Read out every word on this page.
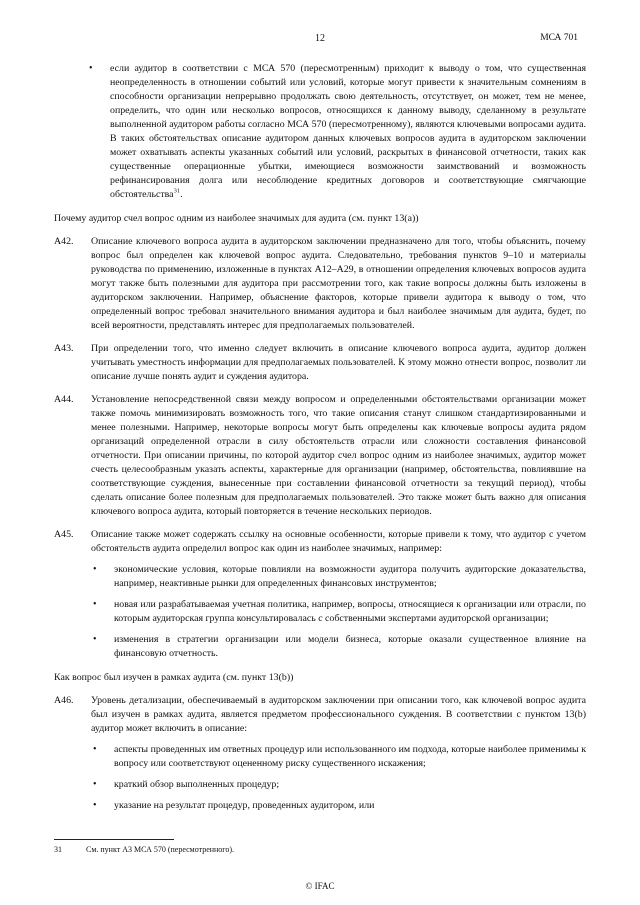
12	МСА 701
• если аудитор в соответствии с МСА 570 (пересмотренным) приходит к выводу о том, что существенная неопределенность в отношении событий или условий, которые могут привести к значительным сомнениям в способности организации непрерывно продолжать свою деятельность, отсутствует, он может, тем не менее, определить, что один или несколько вопросов, относящихся к данному выводу, сделанному в результате выполненной аудитором работы согласно МСА 570 (пересмотренному), являются ключевыми вопросами аудита. В таких обстоятельствах описание аудитором данных ключевых вопросов аудита в аудиторском заключении может охватывать аспекты указанных событий или условий, раскрытых в финансовой отчетности, таких как существенные операционные убытки, имеющиеся возможности заимствований и возможность рефинансирования долга или несоблюдение кредитных договоров и соответствующие смягчающие обстоятельства$^{31}$.
Почему аудитор счел вопрос одним из наиболее значимых для аудита (см. пункт 13(a))
A42. Описание ключевого вопроса аудита в аудиторском заключении предназначено для того, чтобы объяснить, почему вопрос был определен как ключевой вопрос аудита. Следовательно, требования пунктов 9–10 и материалы руководства по применению, изложенные в пунктах А12–А29, в отношении определения ключевых вопросов аудита могут также быть полезными для аудитора при рассмотрении того, как такие вопросы должны быть изложены в аудиторском заключении. Например, объяснение факторов, которые привели аудитора к выводу о том, что определенный вопрос требовал значительного внимания аудитора и был наиболее значимым для аудита, будет, по всей вероятности, представлять интерес для предполагаемых пользователей.
A43. При определении того, что именно следует включить в описание ключевого вопроса аудита, аудитор должен учитывать уместность информации для предполагаемых пользователей. К этому можно отнести вопрос, позволит ли описание лучше понять аудит и суждения аудитора.
A44. Установление непосредственной связи между вопросом и определенными обстоятельствами организации может также помочь минимизировать возможность того, что такие описания станут слишком стандартизированными и менее полезными. Например, некоторые вопросы могут быть определены как ключевые вопросы аудита рядом организаций определенной отрасли в силу обстоятельств отрасли или сложности составления финансовой отчетности. При описании причины, по которой аудитор счел вопрос одним из наиболее значимых, аудитор может счесть целесообразным указать аспекты, характерные для организации (например, обстоятельства, повлиявшие на соответствующие суждения, вынесенные при составлении финансовой отчетности за текущий период), чтобы сделать описание более полезным для предполагаемых пользователей. Это также может быть важно для описания ключевого вопроса аудита, который повторяется в течение нескольких периодов.
A45. Описание также может содержать ссылку на основные особенности, которые привели к тому, что аудитор с учетом обстоятельств аудита определил вопрос как один из наиболее значимых, например:
• экономические условия, которые повлияли на возможности аудитора получить аудиторские доказательства, например, неактивные рынки для определенных финансовых инструментов;
• новая или разрабатываемая учетная политика, например, вопросы, относящиеся к организации или отрасли, по которым аудиторская группа консультировалась с собственными экспертами аудиторской организации;
• изменения в стратегии организации или модели бизнеса, которые оказали существенное влияние на финансовую отчетность.
Как вопрос был изучен в рамках аудита (см. пункт 13(b))
A46. Уровень детализации, обеспечиваемый в аудиторском заключении при описании того, как ключевой вопрос аудита был изучен в рамках аудита, является предметом профессионального суждения. В соответствии с пунктом 13(b) аудитор может включить в описание:
• аспекты проведенных им ответных процедур или использованного им подхода, которые наиболее применимы к вопросу или соответствуют оцененному риску существенного искажения;
• краткий обзор выполненных процедур;
• указание на результат процедур, проведенных аудитором, или
31	См. пункт А3 МСА 570 (пересмотренного).
© IFAC
